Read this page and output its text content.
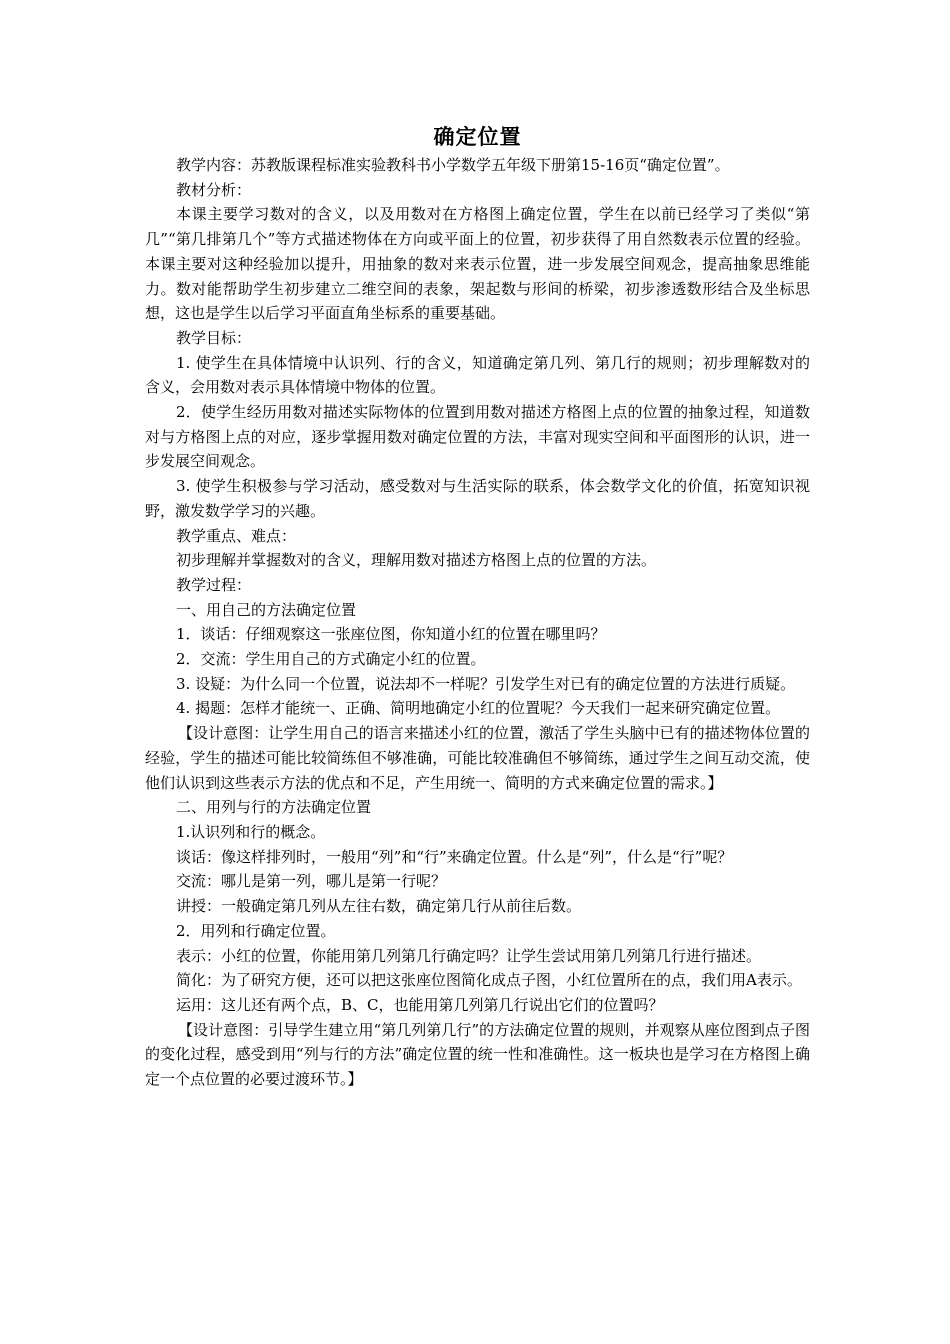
确定位置

教学内容：苏教版课程标准实验教科书小学数学五年级下册第15-16页“确定位置”。

教材分析：

本课主要学习数对的含义，以及用数对在方格图上确定位置，学生在以前已经学习了类似“第几”“第几排第几个”等方式描述物体在方向或平面上的位置，初步获得了用自然数表示位置的经验。本课主要对这种经验加以提升，用抽象的数对来表示位置，进一步发展空间观念，提高抽象思维能力。数对能帮助学生初步建立二维空间的表象，架起数与形间的桥梁，初步渗透数形结合及坐标思想，这也是学生以后学习平面直角坐标系的重要基础。

教学目标：

1. 使学生在具体情境中认识列、行的含义，知道确定第几列、第几行的规则；初步理解数对的含义，会用数对表示具体情境中物体的位置。

2．使学生经历用数对描述实际物体的位置到用数对描述方格图上点的位置的抽象过程，知道数对与方格图上点的对应，逐步掌握用数对确定位置的方法，丰富对现实空间和平面图形的认识，进一步发展空间观念。

3. 使学生积极参与学习活动，感受数对与生活实际的联系，体会数学文化的价值，拓宽知识视野，激发数学学习的兴趣。

教学重点、难点：

初步理解并掌握数对的含义，理解用数对描述方格图上点的位置的方法。

教学过程：

一、用自己的方法确定位置

1．谈话：仔细观察这一张座位图，你知道小红的位置在哪里吗？

2．交流：学生用自己的方式确定小红的位置。

3. 设疑：为什么同一个位置，说法却不一样呢？引发学生对已有的确定位置的方法进行质疑。

4. 揭题：怎样才能统一、正确、简明地确定小红的位置呢？今天我们一起来研究确定位置。

【设计意图：让学生用自己的语言来描述小红的位置，激活了学生头脑中已有的描述物体位置的经验，学生的描述可能比较简练但不够准确，可能比较准确但不够简练，通过学生之间互动交流，使他们认识到这些表示方法的优点和不足，产生用统一、简明的方式来确定位置的需求。】

二、用列与行的方法确定位置

1.认识列和行的概念。

谈话：像这样排列时，一般用“列”和“行”来确定位置。什么是“列”，什么是“行”呢？

交流：哪儿是第一列，哪儿是第一行呢？

讲授：一般确定第几列从左往右数，确定第几行从前往后数。

2．用列和行确定位置。

表示：小红的位置，你能用第几列第几行确定吗？让学生尝试用第几列第几行进行描述。

简化：为了研究方便，还可以把这张座位图简化成点子图，小红位置所在的点，我们用A表示。

运用：这儿还有两个点，B、C，也能用第几列第几行说出它们的位置吗？

【设计意图：引导学生建立用“第几列第几行”的方法确定位置的规则，并观察从座位图到点子图的变化过程，感受到用“列与行的方法”确定位置的统一性和准确性。这一板块也是学习在方格图上确定一个点位置的必要过渡环节。】
